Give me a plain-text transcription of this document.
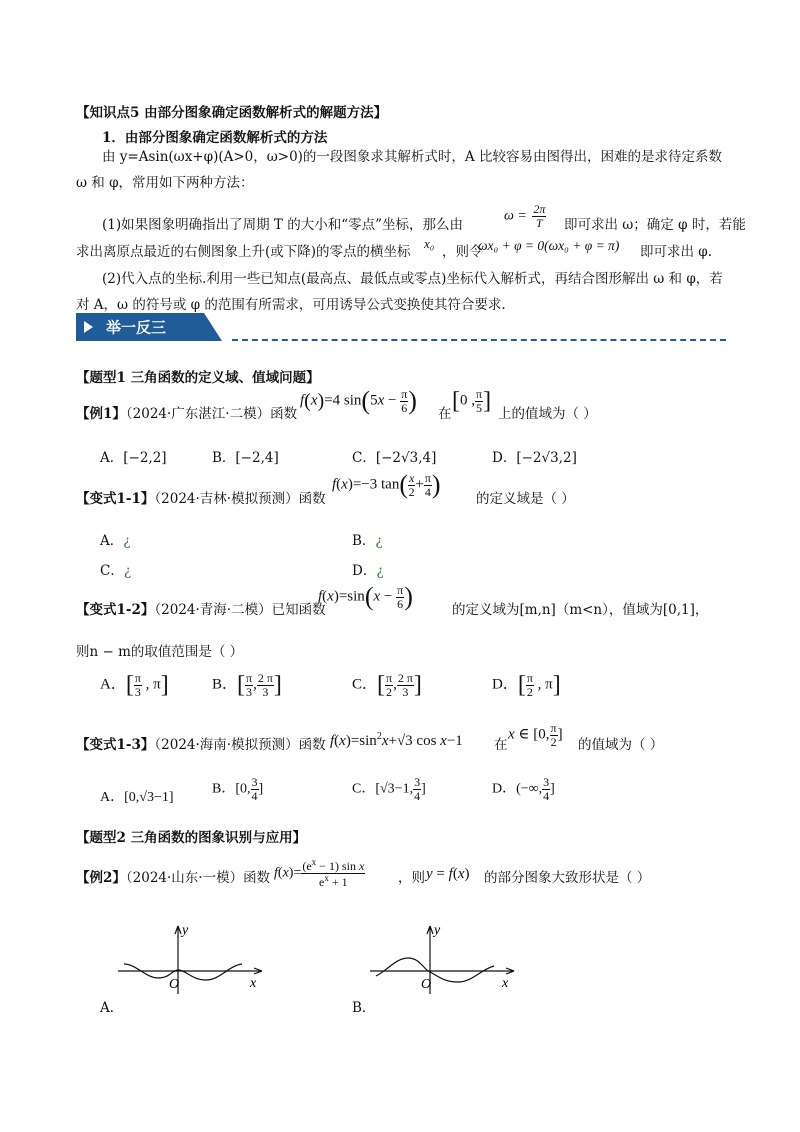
【知识点5 由部分图象确定函数解析式的解题方法】
1．由部分图象确定函数解析式的方法
由 y=Asin(ωx+φ)(A>0，ω>0)的一段图象求其解析式时，A 比较容易由图得出，困难的是求待定系数 ω 和 φ，常用如下两种方法：
(1)如果图象明确指出了周期 T 的大小和“零点”坐标，那么由
$\omega = \frac{2\pi}{T}$ 即可求出 ω；确定 φ 时，若能
求出离原点最近的右侧图象上升(或下降)的零点的横坐标
x₀
，则令
ωx₀ + φ = 0(ωx₀ + φ = π) 即可求出 φ.
(2)代入点的坐标.利用一些已知点(最高点、最低点或零点)坐标代入解析式，再结合图形解出 ω 和 φ，若对 A，ω 的符号或 φ 的范围有所需求，可用诱导公式变换使其符合要求.
举一反三
【题型1 三角函数的定义域、值域问题】
【例1】（2024·广东湛江·二模）函数
f(x)=4 $\sin(5x - \frac{\pi}{6}$ ) 在 [0 , $\frac{\pi}{5}$ ] 上的值域为（ ）
A．[−2,2]	B．[−2,4]	C．[−2√3,4]	D．[−2√3,2]
【变式1-1】（2024·吉林·模拟预测）函数
f(x)=−3 $\tan( \frac{x}{2} + \frac{\pi}{4}$ )	的定义域是（ ）
A．¿	B．¿
C．¿	D．¿
【变式1-2】（2024·青海·二模）已知函数
$f(x)=\sin(x - \frac{\pi}{6}$ )	的定义域为[m,n]（m<n），值域为[0,1]，
则n − m的取值范围是（ ）
A．[ $\frac{\pi}{3}$ , π]	B．[ $\frac{\pi}{3}$ , $\frac{2 \pi}{3}$ ]	C．[ $\frac{\pi}{2}$ , $\frac{2 \pi}{3}$ ]	D．[ $\frac{\pi}{2}$ , π]
【变式1-3】（2024·海南·模拟预测）函数 $f(x)=\sin^2x+√3$ cos x−1 在
x ∈ [0, $\frac{\pi}{2}$ ]
的值域为（ ）
A．[0,√3−1]
B．[0, $\frac{3}{4}$ ]	C．[√3−1, $\frac{3}{4}$ ]	D．(−∞, $\frac{3}{4}$ ]
【题型2 三角函数的图象识别与应用】
【例2】（2024·山东·一模）函数 $f(x)= \frac{(e^x - 1) \sin x}{e^x + 1}$ ，则 y = f(x) 的部分图象大致形状是（ ）
O
y
x
A．
O
y
x
B．
